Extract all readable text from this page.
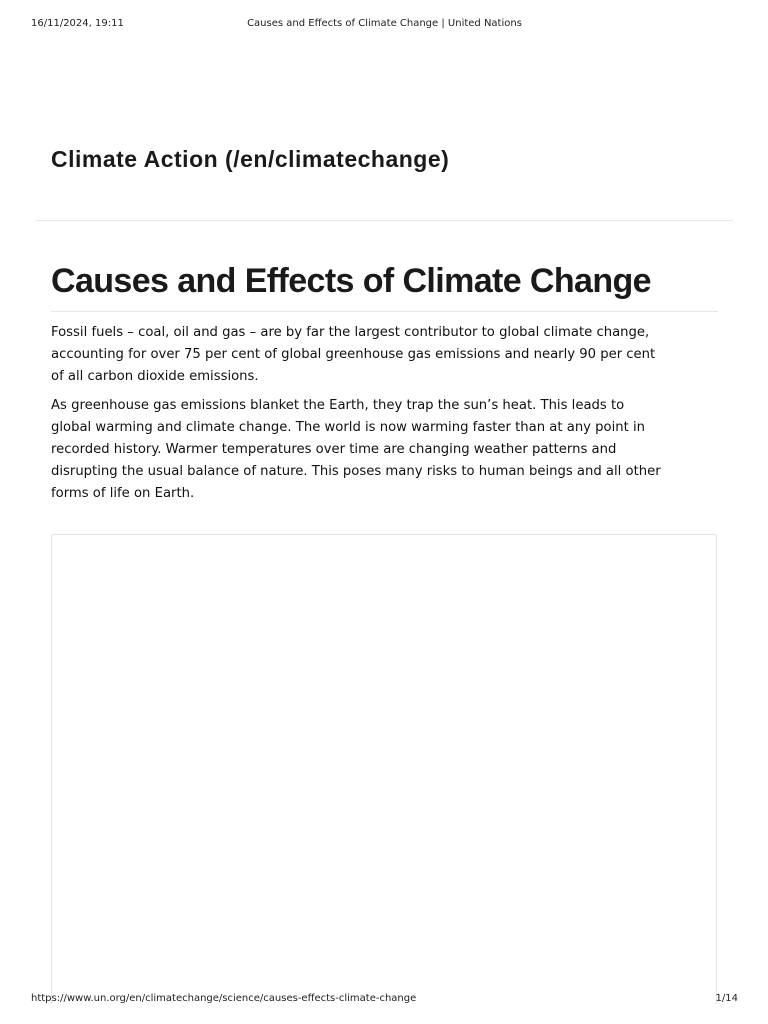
16/11/2024, 19:11	Causes and Effects of Climate Change | United Nations
Climate Action (/en/climatechange)
Causes and Effects of Climate Change

Fossil fuels – coal, oil and gas – are by far the largest contributor to global climate change, accounting for over 75 per cent of global greenhouse gas emissions and nearly 90 per cent of all carbon dioxide emissions.

As greenhouse gas emissions blanket the Earth, they trap the sun’s heat. This leads to global warming and climate change. The world is now warming faster than at any point in recorded history. Warmer temperatures over time are changing weather patterns and disrupting the usual balance of nature. This poses many risks to human beings and all other forms of life on Earth.

https://www.un.org/en/climatechange/science/causes-effects-climate-change	1/14
